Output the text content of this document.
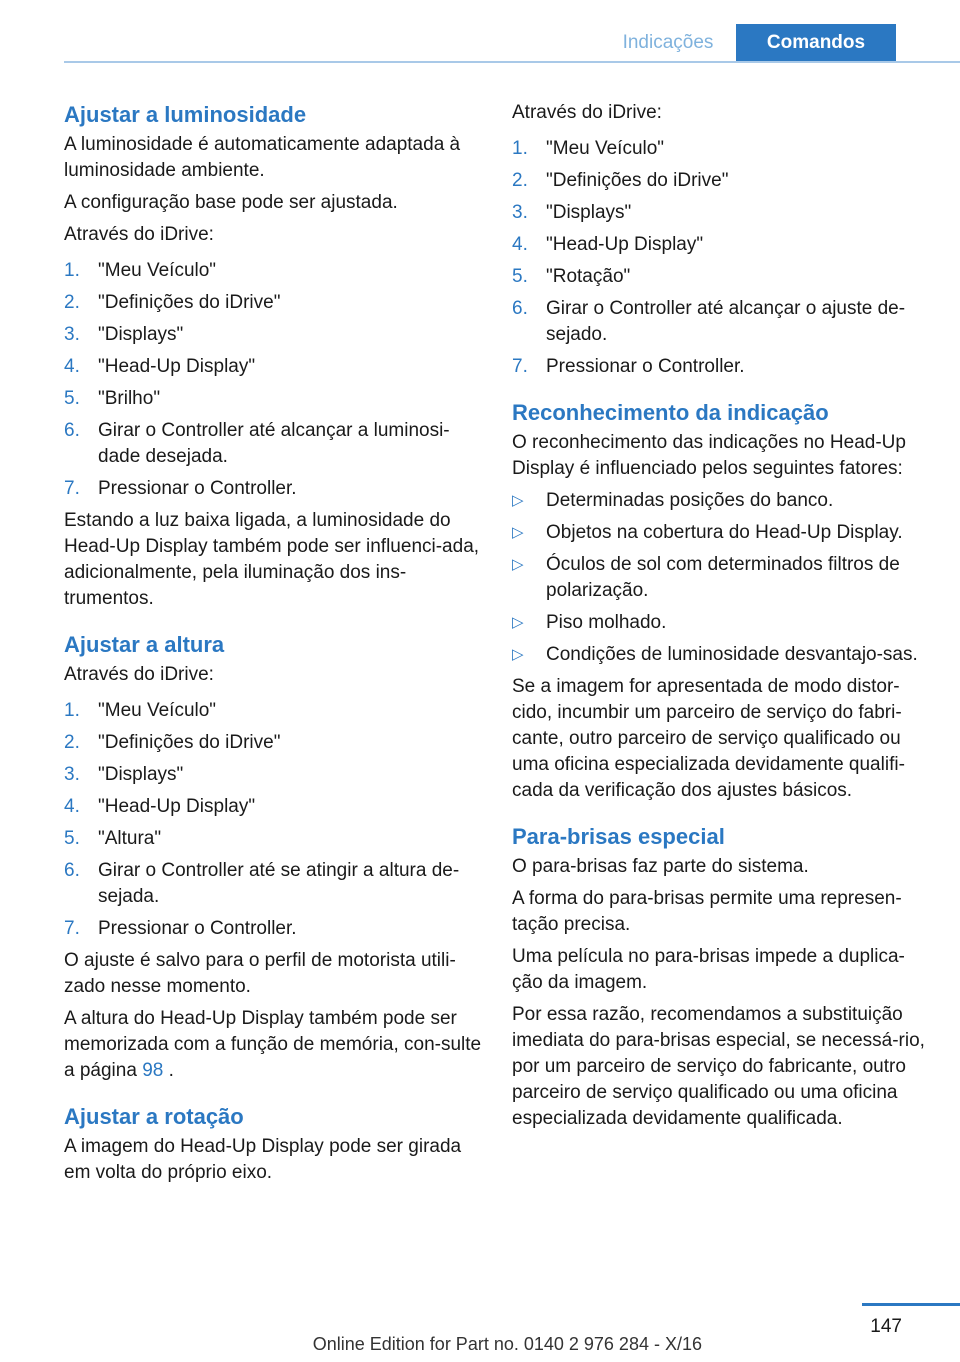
Indicações	Comandos
Ajustar a luminosidade

A luminosidade é automaticamente adaptada à luminosidade ambiente.

A configuração base pode ser ajustada.

Através do iDrive:

1. "Meu Veículo"
2. "Definições do iDrive"
3. "Displays"
4. "Head-Up Display"
5. "Brilho"
6. Girar o Controller até alcançar a luminosi‐dade desejada.
7. Pressionar o Controller.

Estando a luz baixa ligada, a luminosidade do Head-Up Display também pode ser influenci‐ada, adicionalmente, pela iluminação dos ins‐trumentos.

Ajustar a altura

Através do iDrive:

1. "Meu Veículo"
2. "Definições do iDrive"
3. "Displays"
4. "Head-Up Display"
5. "Altura"
6. Girar o Controller até se atingir a altura de‐sejada.
7. Pressionar o Controller.

O ajuste é salvo para o perfil de motorista utili‐zado nesse momento.

A altura do Head-Up Display também pode ser memorizada com a função de memória, con‐sulte a página 98 .

Ajustar a rotação

A imagem do Head-Up Display pode ser girada em volta do próprio eixo.

Através do iDrive:

1. "Meu Veículo"
2. "Definições do iDrive"
3. "Displays"
4. "Head-Up Display"
5. "Rotação"
6. Girar o Controller até alcançar o ajuste de‐sejado.
7. Pressionar o Controller.
Reconhecimento da indicação

O reconhecimento das indicações no Head-Up Display é influenciado pelos seguintes fatores:

▷ Determinadas posições do banco.
▷ Objetos na cobertura do Head-Up Display.
▷ Óculos de sol com determinados filtros de polarização.
▷ Piso molhado.
▷ Condições de luminosidade desvantajo‐sas.

Se a imagem for apresentada de modo distor‐cido, incumbir um parceiro de serviço do fabri‐cante, outro parceiro de serviço qualificado ou uma oficina especializada devidamente qualifi‐cada da verificação dos ajustes básicos.

Para-brisas especial

O para-brisas faz parte do sistema.

A forma do para-brisas permite uma represen‐tação precisa.

Uma película no para-brisas impede a duplica‐ção da imagem.

Por essa razão, recomendamos a substituição imediata do para-brisas especial, se necessá‐rio, por um parceiro de serviço do fabricante, outro parceiro de serviço qualificado ou uma oficina especializada devidamente qualificada.

147
Online Edition for Part no. 0140 2 976 284 - X/16
